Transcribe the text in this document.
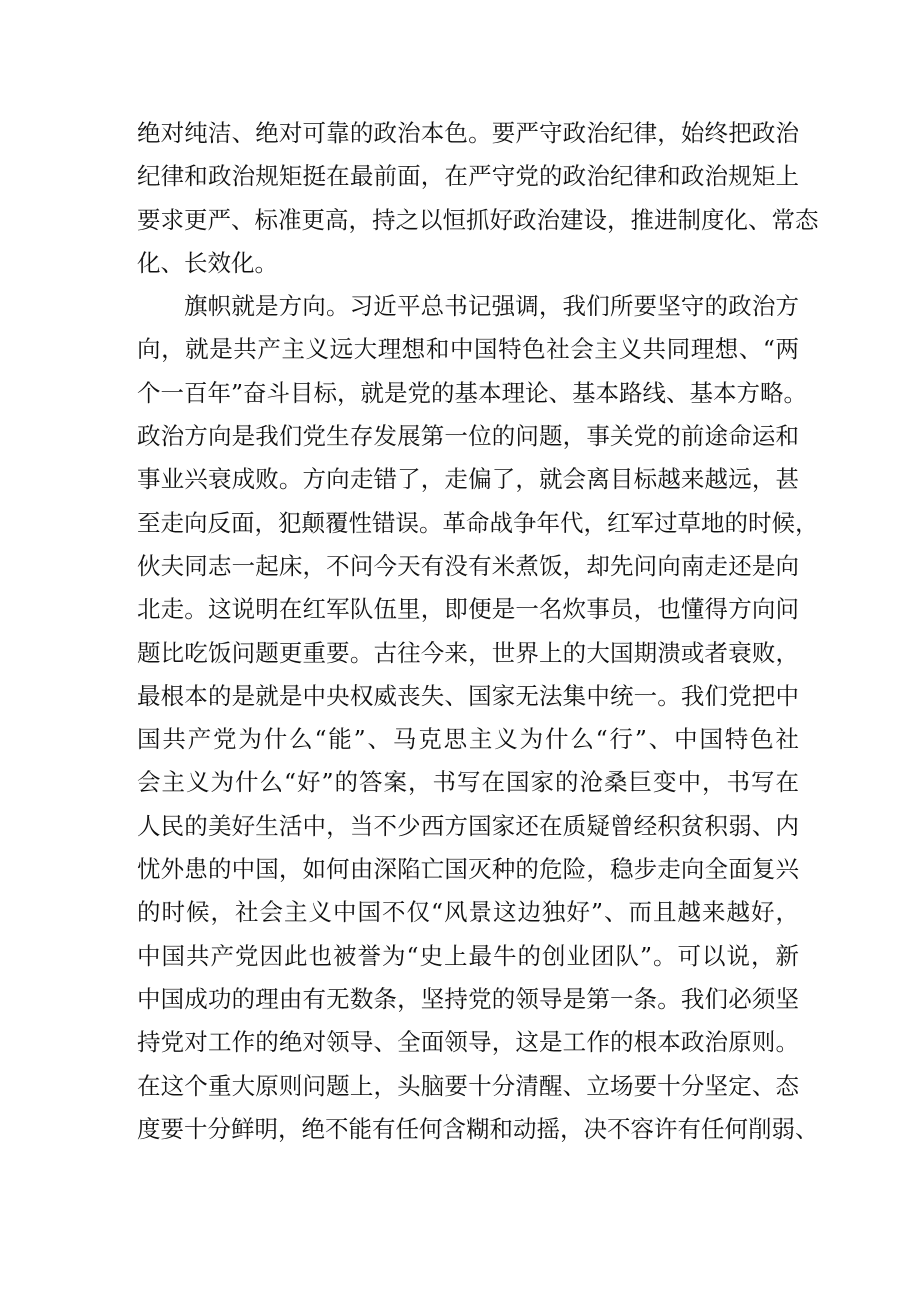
绝对纯洁、绝对可靠的政治本色。要严守政治纪律，始终把政治
纪律和政治规矩挺在最前面，在严守党的政治纪律和政治规矩上
要求更严、标准更高，持之以恒抓好政治建设，推进制度化、常态
化、长效化。
旗帜就是方向。习近平总书记强调，我们所要坚守的政治方
向，就是共产主义远大理想和中国特色社会主义共同理想、“两
个一百年”奋斗目标，就是党的基本理论、基本路线、基本方略。
政治方向是我们党生存发展第一位的问题，事关党的前途命运和
事业兴衰成败。方向走错了，走偏了，就会离目标越来越远，甚
至走向反面，犯颠覆性错误。革命战争年代，红军过草地的时候，
伙夫同志一起床，不问今天有没有米煮饭，却先问向南走还是向
北走。这说明在红军队伍里，即便是一名炊事员，也懂得方向问
题比吃饭问题更重要。古往今来，世界上的大国期溃或者衰败，
最根本的是就是中央权威丧失、国家无法集中统一。我们党把中
国共产党为什么“能”、马克思主义为什么“行”、中国特色社
会主义为什么“好”的答案，书写在国家的沧桑巨变中，书写在
人民的美好生活中，当不少西方国家还在质疑曾经积贫积弱、内
忧外患的中国，如何由深陷亡国灭种的危险，稳步走向全面复兴
的时候，社会主义中国不仅“风景这边独好”、而且越来越好，
中国共产党因此也被誉为“史上最牛的创业团队”。可以说，新
中国成功的理由有无数条，坚持党的领导是第一条。我们必须坚
持党对工作的绝对领导、全面领导，这是工作的根本政治原则。
在这个重大原则问题上，头脑要十分清醒、立场要十分坚定、态
度要十分鲜明，绝不能有任何含糊和动摇，决不容许有任何削弱、
